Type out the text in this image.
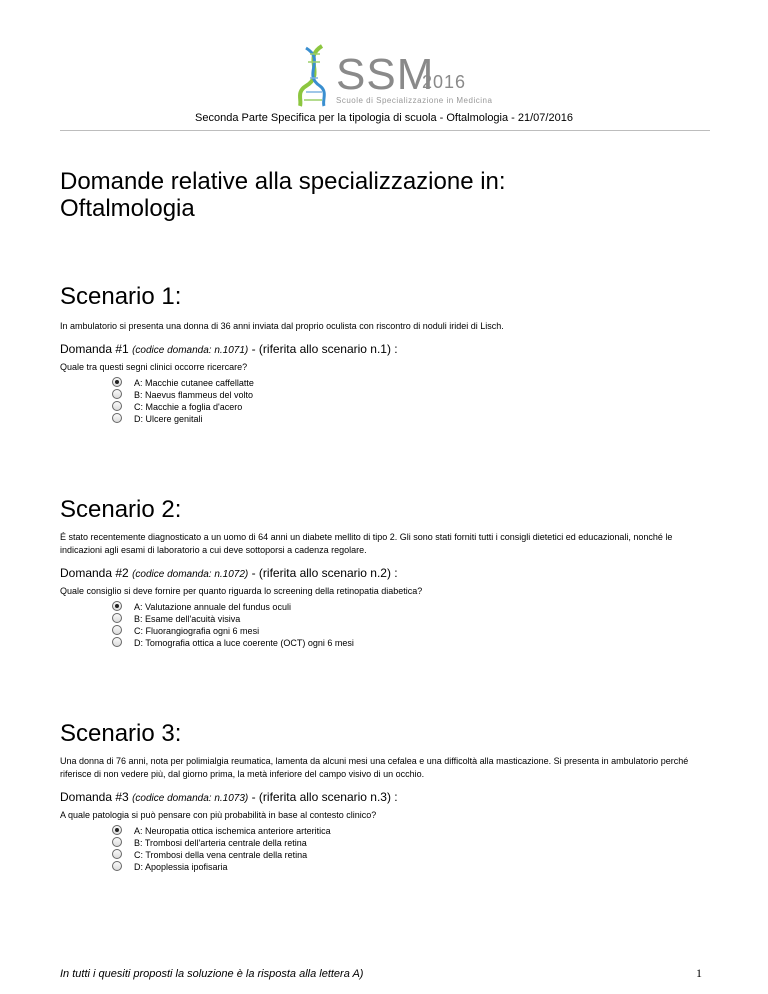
SSM
2016
Scuole di Specializzazione in Medicina
Seconda Parte Specifica per la tipologia di scuola - Oftalmologia - 21/07/2016
Domande relative alla specializzazione in:
Oftalmologia
Scenario 1:
In ambulatorio si presenta una donna di 36 anni inviata dal proprio oculista con riscontro di noduli iridei di Lisch.
Domanda #1 (codice domanda: n.1071) - (riferita allo scenario n.1) :
Quale tra questi segni clinici occorre ricercare?
A: Macchie cutanee caffellatte
B: Naevus flammeus del volto
C: Macchie a foglia d'acero
D: Ulcere genitali
Scenario 2:
É stato recentemente diagnosticato a un uomo di 64 anni un diabete mellito di tipo 2. Gli sono stati forniti tutti i consigli dietetici ed educazionali, nonché le indicazioni agli esami di laboratorio a cui deve sottoporsi a cadenza regolare.
Domanda #2 (codice domanda: n.1072) - (riferita allo scenario n.2) :
Quale consiglio si deve fornire per quanto riguarda lo screening della retinopatia diabetica?
A: Valutazione annuale del fundus oculi
B: Esame dell'acuità visiva
C: Fluorangiografia ogni 6 mesi
D: Tomografia ottica a luce coerente (OCT) ogni 6 mesi
Scenario 3:
Una donna di 76 anni, nota per polimialgia reumatica, lamenta da alcuni mesi una cefalea e una difficoltà alla masticazione. Si presenta in ambulatorio perché riferisce di non vedere più, dal giorno prima, la metà inferiore del campo visivo di un occhio.
Domanda #3 (codice domanda: n.1073) - (riferita allo scenario n.3) :
A quale patologia si può pensare con più probabilità in base al contesto clinico?
A: Neuropatia ottica ischemica anteriore arteritica
B: Trombosi dell'arteria centrale della retina
C: Trombosi della vena centrale della retina
D: Apoplessia ipofisaria
In tutti i quesiti proposti la soluzione è la risposta alla lettera A)	1
